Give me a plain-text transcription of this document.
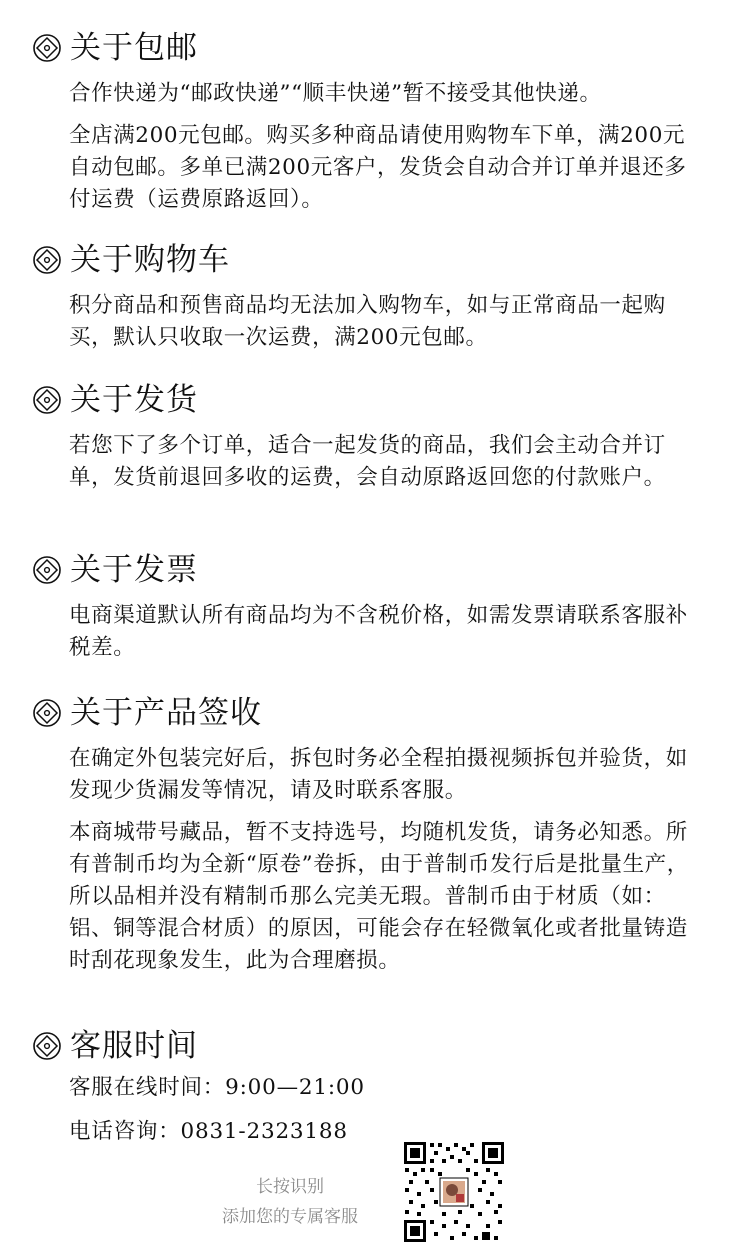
关于包邮
合作快递为“邮政快递”“顺丰快递”暂不接受其他快递。
全店满200元包邮。购买多种商品请使用购物车下单，满200元自动包邮。多单已满200元客户，发货会自动合并订单并退还多付运费（运费原路返回）。
关于购物车
积分商品和预售商品均无法加入购物车，如与正常商品一起购买，默认只收取一次运费，满200元包邮。
关于发货
若您下了多个订单，适合一起发货的商品，我们会主动合并订单，发货前退回多收的运费，会自动原路返回您的付款账户。
关于发票
电商渠道默认所有商品均为不含税价格，如需发票请联系客服补税差。
关于产品签收
在确定外包装完好后，拆包时务必全程拍摄视频拆包并验货，如发现少货漏发等情况，请及时联系客服。
本商城带号藏品，暂不支持选号，均随机发货，请务必知悉。所有普制币均为全新“原卷”卷拆，由于普制币发行后是批量生产，所以品相并没有精制币那么完美无瑕。普制币由于材质（如：铝、铜等混合材质）的原因，可能会存在轻微氧化或者批量铸造时刮花现象发生，此为合理磨损。
客服时间
客服在线时间：9:00—21:00
电话咨询：0831-2323188
长按识别
添加您的专属客服
